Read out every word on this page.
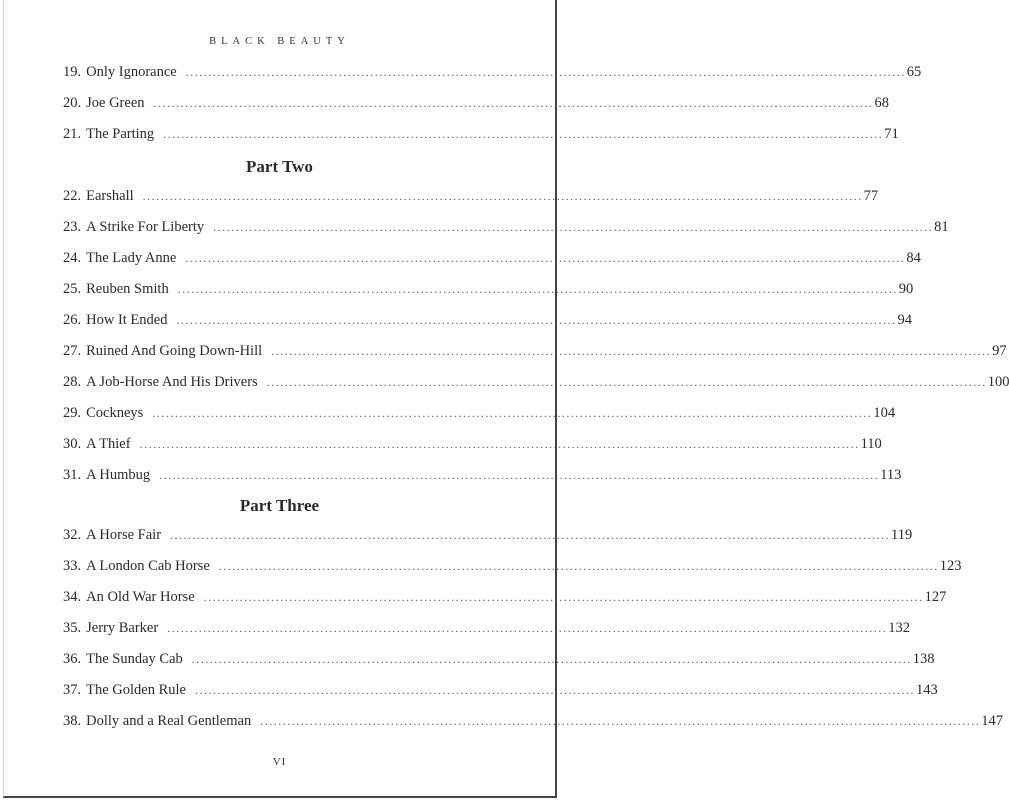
BLACK BEAUTY
19. Only Ignorance ................................................................................................................................................................ 65
20. Joe Green ................................................................................................................................................................ 68
21. The Parting ................................................................................................................................................................ 71
Part Two
22. Earshall ................................................................................................................................................................ 77
23. A Strike For Liberty ................................................................................................................................................................ 81
24. The Lady Anne ................................................................................................................................................................ 84
25. Reuben Smith ................................................................................................................................................................ 90
26. How It Ended ................................................................................................................................................................ 94
27. Ruined And Going Down-Hill ................................................................................................................................................................ 97
28. A Job-Horse And His Drivers ................................................................................................................................................................ 100
29. Cockneys ................................................................................................................................................................ 104
30. A Thief ................................................................................................................................................................ 110
31. A Humbug ................................................................................................................................................................ 113
Part Three
32. A Horse Fair ................................................................................................................................................................ 119
33. A London Cab Horse ................................................................................................................................................................ 123
34. An Old War Horse ................................................................................................................................................................ 127
35. Jerry Barker ................................................................................................................................................................ 132
36. The Sunday Cab ................................................................................................................................................................ 138
37. The Golden Rule ................................................................................................................................................................ 143
38. Dolly and a Real Gentleman ................................................................................................................................................................ 147
VI
